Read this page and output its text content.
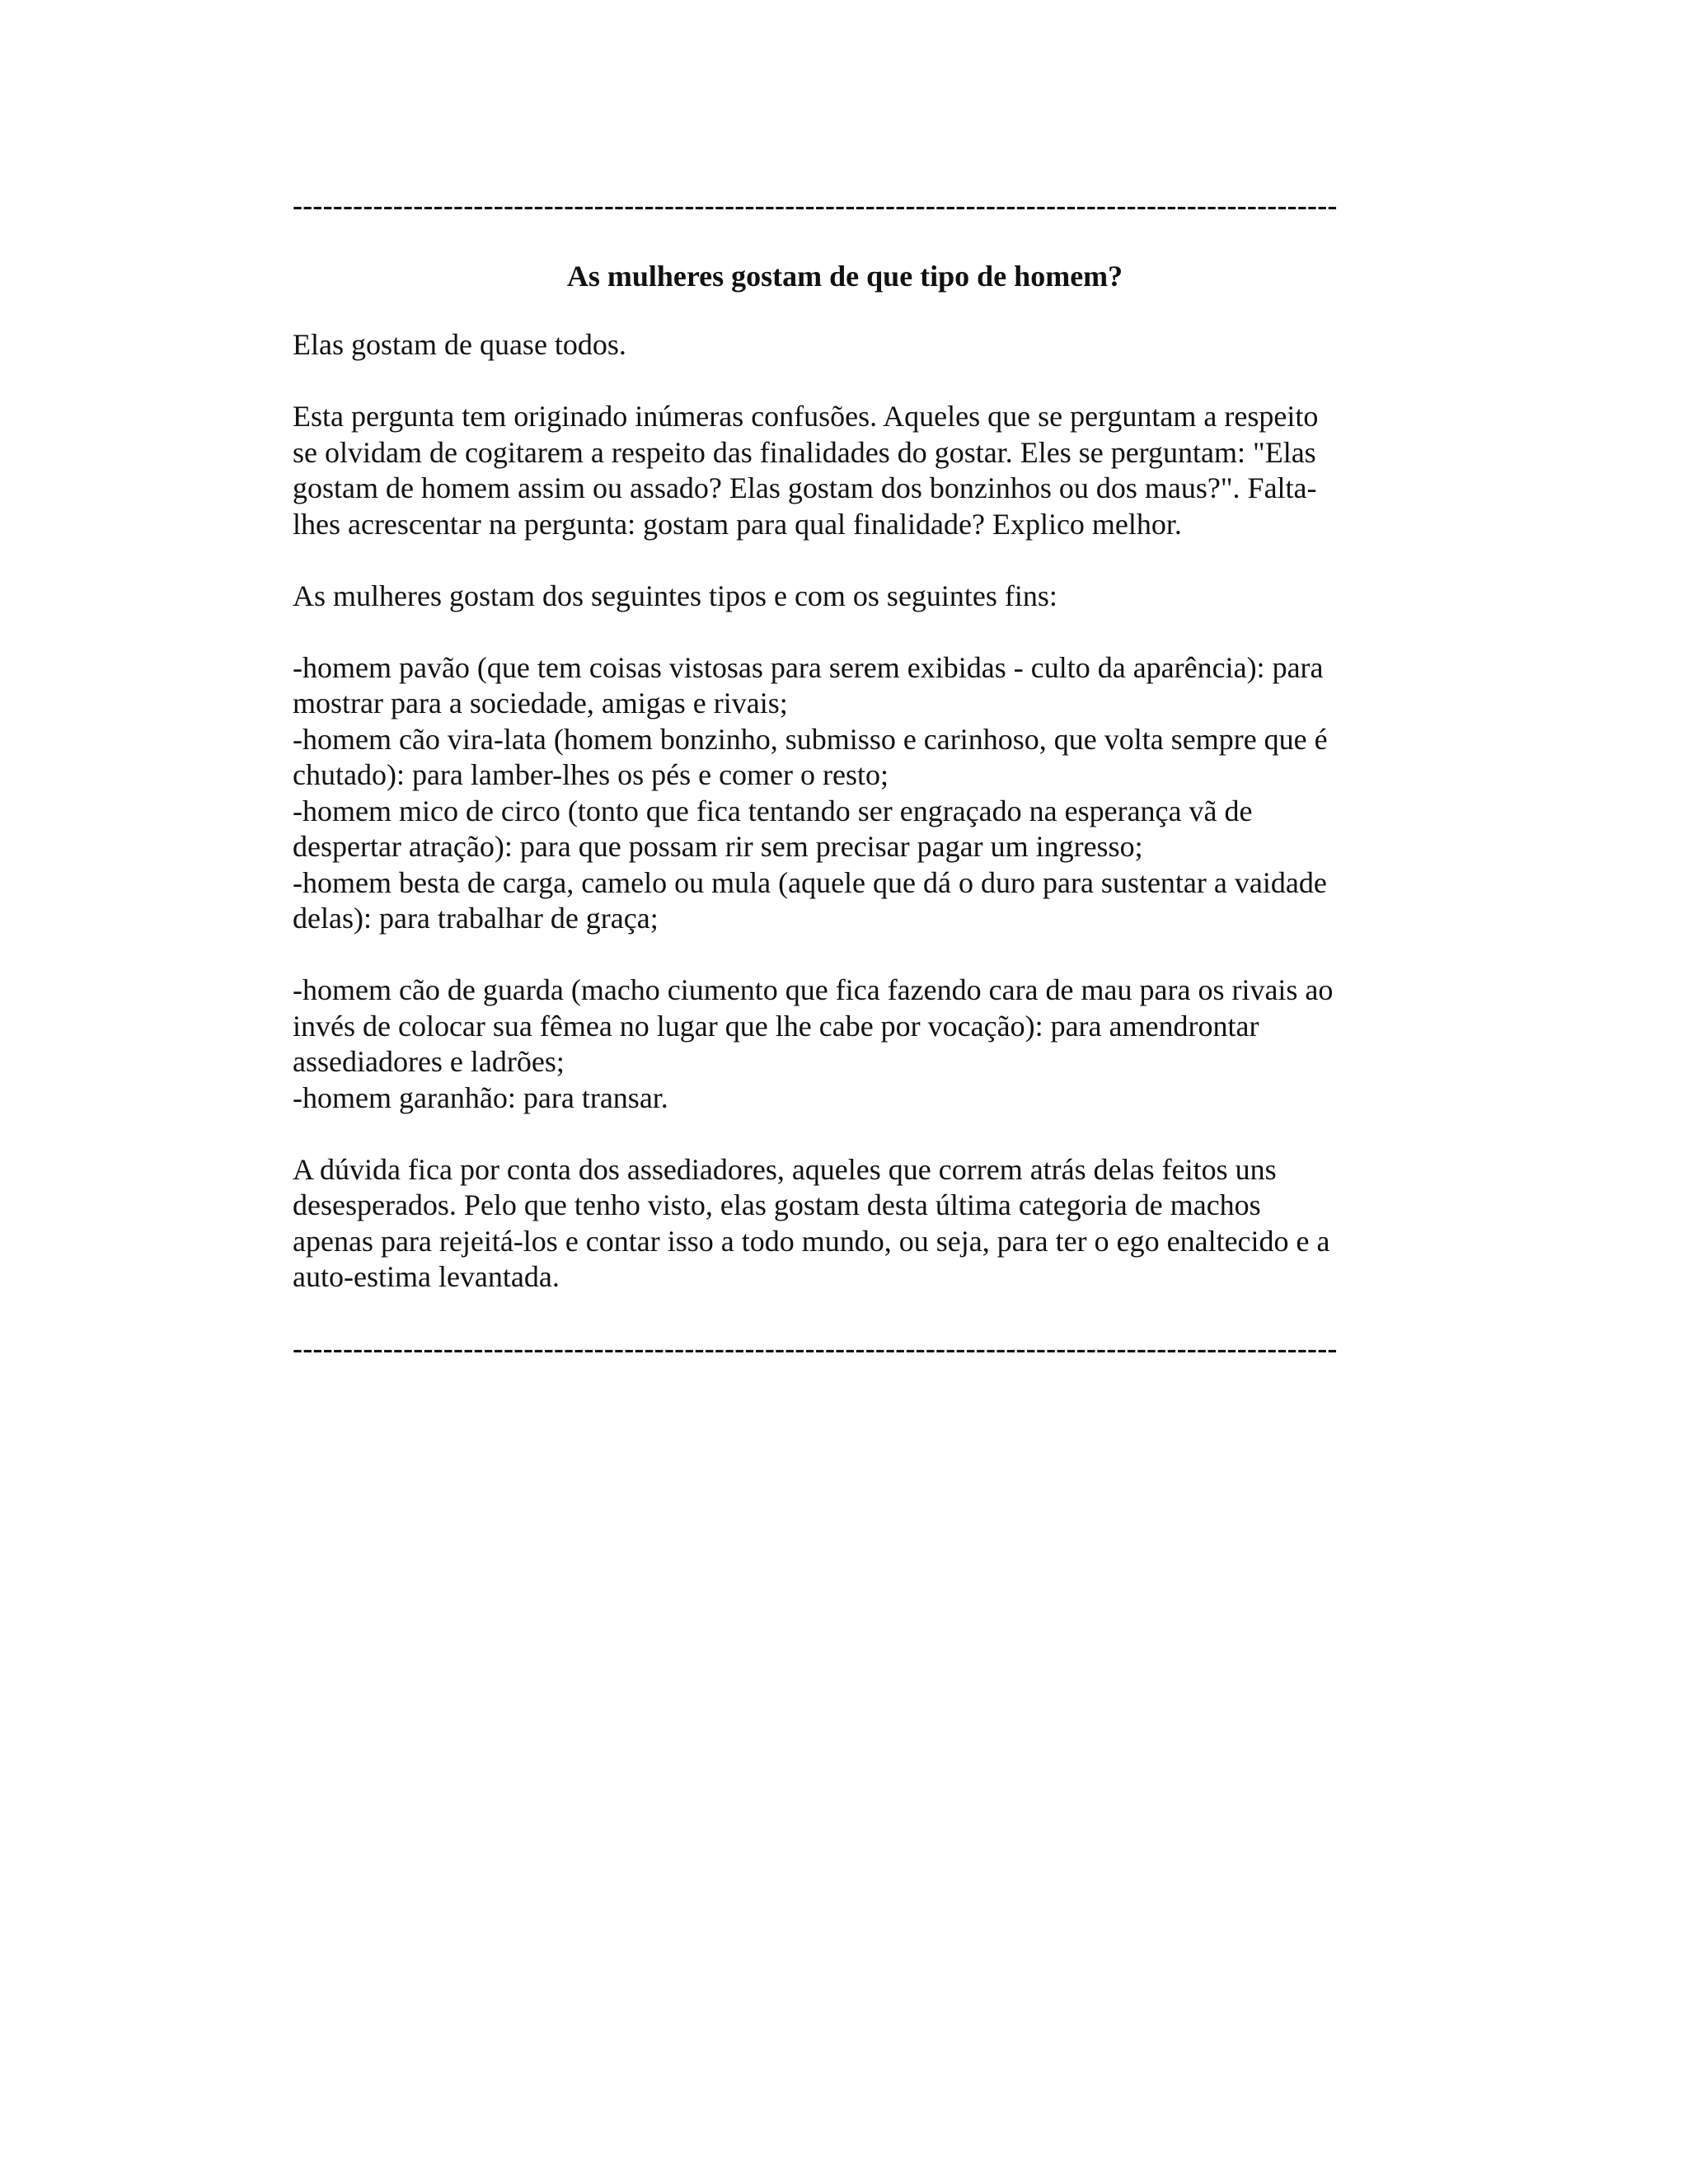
--------------------------------------------------------------------------------------------------------
As mulheres gostam de que tipo de homem?

Elas gostam de quase todos.

Esta pergunta tem originado inúmeras confusões. Aqueles que se perguntam a respeito
se olvidam de cogitarem a respeito das finalidades do gostar. Eles se perguntam: "Elas
gostam de homem assim ou assado? Elas gostam dos bonzinhos ou dos maus?". Falta-
lhes acrescentar na pergunta: gostam para qual finalidade? Explico melhor.

As mulheres gostam dos seguintes tipos e com os seguintes fins:

-homem pavão (que tem coisas vistosas para serem exibidas - culto da aparência): para
mostrar para a sociedade, amigas e rivais;
-homem cão vira-lata (homem bonzinho, submisso e carinhoso, que volta sempre que é
chutado): para lamber-lhes os pés e comer o resto;
-homem mico de circo (tonto que fica tentando ser engraçado na esperança vã de
despertar atração): para que possam rir sem precisar pagar um ingresso;
-homem besta de carga, camelo ou mula (aquele que dá o duro para sustentar a vaidade
delas): para trabalhar de graça;
-homem cão de guarda (macho ciumento que fica fazendo cara de mau para os rivais ao
invés de colocar sua fêmea no lugar que lhe cabe por vocação): para amendrontar
assediadores e ladrões;
-homem garanhão: para transar.

A dúvida fica por conta dos assediadores, aqueles que correm atrás delas feitos uns
desesperados. Pelo que tenho visto, elas gostam desta última categoria de machos
apenas para rejeitá-los e contar isso a todo mundo, ou seja, para ter o ego enaltecido e a
auto-estima levantada.

--------------------------------------------------------------------------------------------------------
